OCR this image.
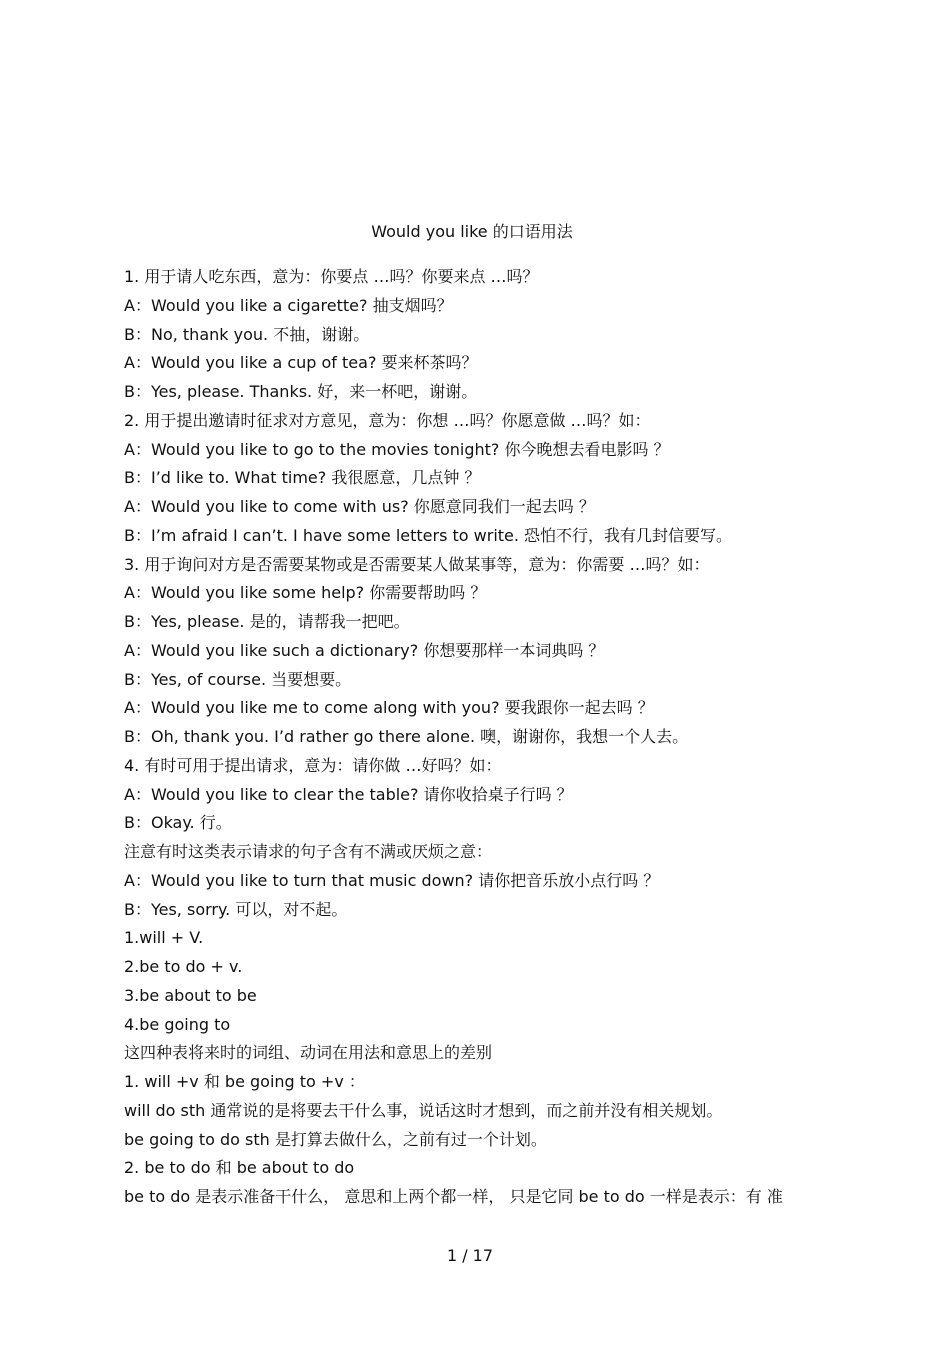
Would you like 的口语用法
1. 用于请人吃东西，意为：你要点 …吗？你要来点 …吗？
A：Would you like a cigarette? 抽支烟吗？
B：No, thank you. 不抽，谢谢。
A：Would you like a cup of tea? 要来杯茶吗？
B：Yes, please. Thanks. 好，来一杯吧，谢谢。
2. 用于提出邀请时征求对方意见，意为：你想 …吗？你愿意做 …吗？如：
A：Would you like to go to the movies tonight? 你今晚想去看电影吗 ？
B：I’d like to. What time? 我很愿意，几点钟 ？
A：Would you like to come with us? 你愿意同我们一起去吗 ？
B：I’m afraid I can’t. I have some letters to write. 恐怕不行，我有几封信要写。
3. 用于询问对方是否需要某物或是否需要某人做某事等，意为：你需要 …吗？如：
A：Would you like some help? 你需要帮助吗 ？
B：Yes, please. 是的，请帮我一把吧。
A：Would you like such a dictionary? 你想要那样一本词典吗 ？
B：Yes, of course. 当要想要。
A：Would you like me to come along with you? 要我跟你一起去吗 ？
B：Oh, thank you. I’d rather go there alone. 噢，谢谢你，我想一个人去。
4. 有时可用于提出请求，意为：请你做 …好吗？如：
A：Would you like to clear the table? 请你收拾桌子行吗 ？
B：Okay. 行。
注意有时这类表示请求的句子含有不满或厌烦之意：
A：Would you like to turn that music down? 请你把音乐放小点行吗 ？
B：Yes, sorry. 可以，对不起。
1.will + V.
2.be to do + v.
3.be about to be
4.be going to
这四种表将来时的词组、动词在用法和意思上的差别
1. will +v 和 be going to +v ：
will do sth 通常说的是将要去干什么事，说话这时才想到，而之前并没有相关规划。
be going to do sth 是打算去做什么，之前有过一个计划。
2. be to do 和 be about to do
be to do 是表示准备干什么， 意思和上两个都一样， 只是它同 be to do 一样是表示：有 准
1 / 17
